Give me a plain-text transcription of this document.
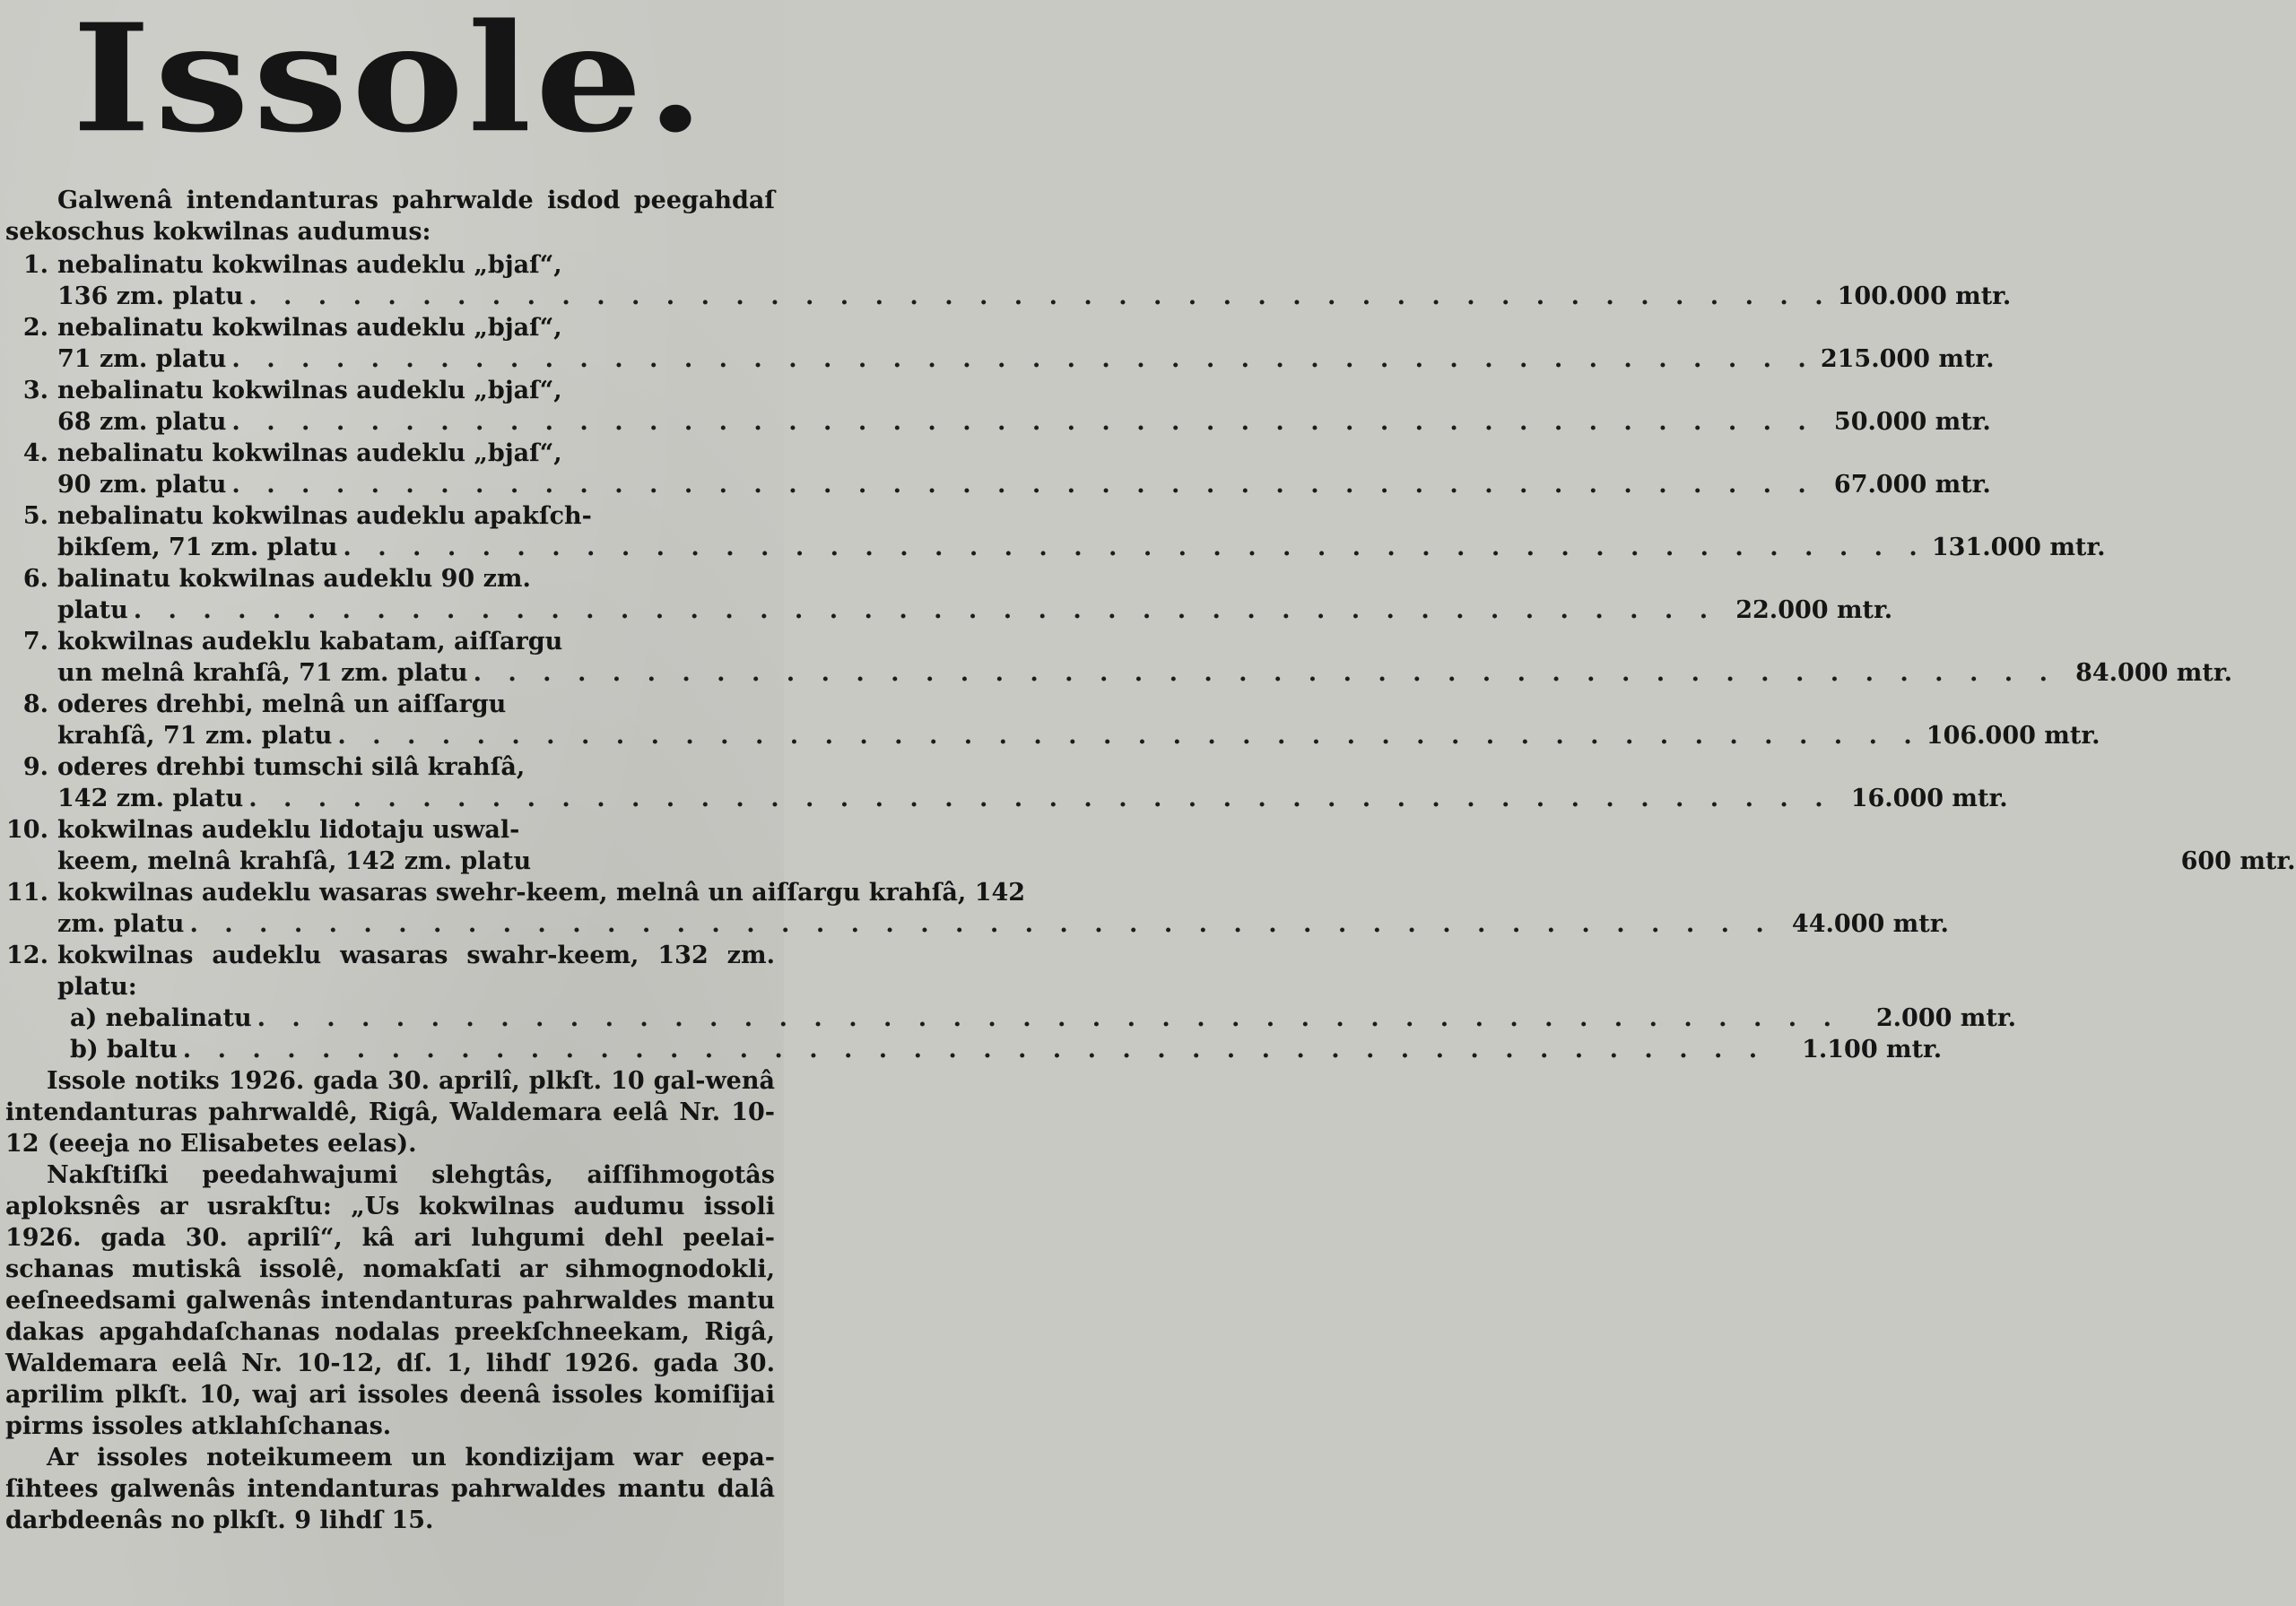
Issole.

Galwenâ intendanturas pahrwalde isdod peegahdaſ sekoschus kokwilnas audumus:

1. nebalinatu kokwilnas audeklu „bjaſ“,
136 zm. platu . . .	100.000 mtr.
2. nebalinatu kokwilnas audeklu „bjaſ“,
71 zm. platu . . .	215.000 mtr.
3. nebalinatu kokwilnas audeklu „bjaſ“,
68 zm. platu . . .	50.000 mtr.
4. nebalinatu kokwilnas audeklu „bjaſ“,
90 zm. platu . . .	67.000 mtr.
5. nebalinatu kokwilnas audeklu apakſch-
bikſem, 71 zm. platu . . .	131.000 mtr.
6. balinatu kokwilnas audeklu 90 zm.
platu . . .	22.000 mtr.
7. kokwilnas audeklu kabatam, aiſſargu
un melnâ krahſâ, 71 zm. platu . . .	84.000 mtr.
8. oderes drehbi, melnâ un aiſſargu
krahſâ, 71 zm. platu . . .	106.000 mtr.
9. oderes drehbi tumschi silâ krahſâ,
142 zm. platu . . .	16.000 mtr.
10. kokwilnas audeklu lidotaju uswal-
keem, melnâ krahſâ, 142 zm. platu	600 mtr.
11. kokwilnas audeklu wasaras swehr-keem, melnâ un aiſſargu krahſâ, 142
zm. platu . . .	44.000 mtr.
12. kokwilnas audeklu wasaras swahr-keem, 132 zm. platu:
a) nebalinatu . . .	2.000 mtr.
b) baltu . . .	1.100 mtr.

Issole notiks 1926. gada 30. aprilî, plkſt. 10 gal-wenâ intendanturas pahrwaldê, Rigâ, Waldemara eelâ Nr. 10-12 (eeeja no Elisabetes eelas).

Nakſtiſki peedahwajumi slehgtâs, aiſſihmogotâs aploksnês ar usrakſtu: „Us kokwilnas audumu issoli 1926. gada 30. aprilî“, kâ ari luhgumi dehl peelai-schanas mutiskâ issolê, nomakſati ar sihmognodokli, eeſneedsami galwenâs intendanturas pahrwaldes mantu dakas apgahdaſchanas nodalas preekſchneekam, Rigâ, Waldemara eelâ Nr. 10-12, dſ. 1, lihdſ 1926. gada 30. aprilim plkſt. 10, waj ari issoles deenâ issoles komiſijai pirms issoles atklahſchanas.

Ar issoles noteikumeem un kondizijam war eepa-ſihtees galwenâs intendanturas pahrwaldes mantu dalâ darbdeenâs no plkſt. 9 lihdſ 15.
